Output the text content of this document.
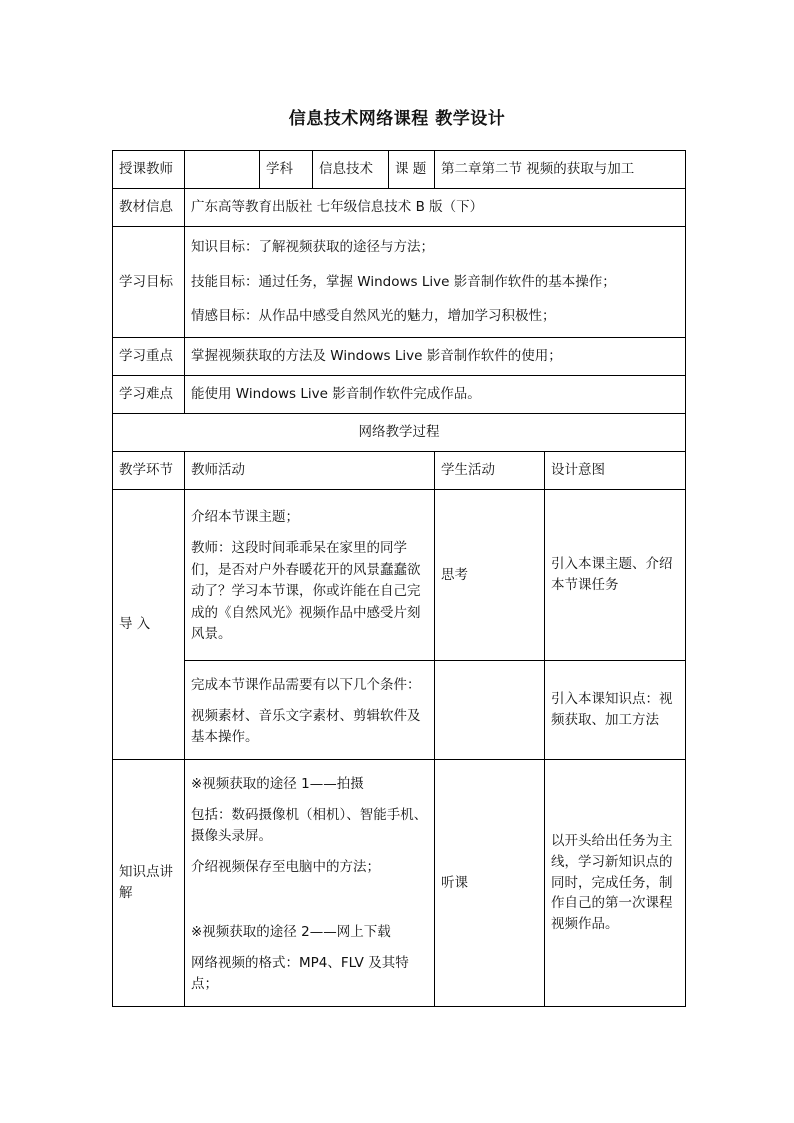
信息技术网络课程 教学设计
授课教师		学科	信息技术	课 题	第二章第二节 视频的获取与加工	
教材信息	广东高等教育出版社 七年级信息技术 B 版（下）					
学习目标	知识目标：了解视频获取的途径与方法；
技能目标：通过任务，掌握 Windows Live 影音制作软件的基本操作；
情感目标：从作品中感受自然风光的魅力，增加学习积极性；					

学习重点	掌握视频获取的方法及 Windows Live 影音制作软件的使用；					
学习难点	能使用 Windows Live 影音制作软件完成作品。					
网络教学过程						
教学环节	教师活动				学生活动	设计意图
导 入	介绍本节课主题；
教师：这段时间乖乖呆在家里的同学们，是否对户外春暖花开的风景蠢蠢欲动了？学习本节课，你或许能在自己完成的《自然风光》视频作品中感受片刻风景。				思考	引入本课主题、介绍本节课任务

	完成本节课作品需要有以下几个条件：
视频素材、音乐文字素材、剪辑软件及基本操作。					引入本课知识点：视频获取、加工方法
知识点讲解	※视频获取的途径 1——拍摄
包括：数码摄像机（相机）、智能手机、摄像头录屏。
介绍视频保存至电脑中的方法；
※视频获取的途径 2——网上下载
网络视频的格式：MP4、FLV 及其特点；				听课	以开头给出任务为主线，学习新知识点的同时，完成任务，制作自己的第一次课程视频作品。
